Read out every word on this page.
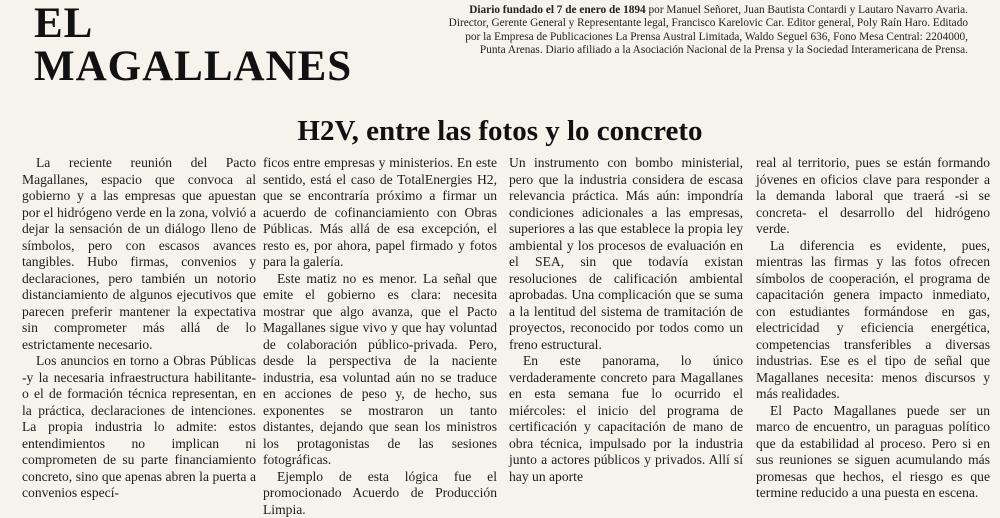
EL
MAGALLANES
Diario fundado el 7 de enero de 1894 por Manuel Señoret, Juan Bautista Contardi y Lautaro Navarro Avaria. Director, Gerente General y Representante legal, Francisco Karelovic Car. Editor general, Poly Raín Haro. Editado por la Empresa de Publicaciones La Prensa Austral Limitada, Waldo Seguel 636, Fono Mesa Central: 2204000, Punta Arenas. Diario afiliado a la Asociación Nacional de la Prensa y la Sociedad Interamericana de Prensa.
H2V, entre las fotos y lo concreto

La reciente reunión del Pacto Magallanes, espacio que convoca al gobierno y a las empresas que apuestan por el hidrógeno verde en la zona, volvió a dejar la sensación de un diálogo lleno de símbolos, pero con escasos avances tangibles. Hubo firmas, convenios y declaraciones, pero también un notorio distanciamiento de algunos ejecutivos que parecen preferir mantener la expectativa sin comprometer más allá de lo estrictamente necesario.

Los anuncios en torno a Obras Públicas -y la necesaria infraestructura habilitante- o el de formación técnica representan, en la práctica, declaraciones de intenciones. La propia industria lo admite: estos entendimientos no implican ni comprometen de su parte financiamiento concreto, sino que apenas abren la puerta a convenios especí-

ficos entre empresas y ministerios. En este sentido, está el caso de TotalEnergies H2, que se encontraría próximo a firmar un acuerdo de cofinanciamiento con Obras Públicas. Más allá de esa excepción, el resto es, por ahora, papel firmado y fotos para la galería.

Este matiz no es menor. La señal que emite el gobierno es clara: necesita mostrar que algo avanza, que el Pacto Magallanes sigue vivo y que hay voluntad de colaboración público-privada. Pero, desde la perspectiva de la naciente industria, esa voluntad aún no se traduce en acciones de peso y, de hecho, sus exponentes se mostraron un tanto distantes, dejando que sean los ministros los protagonistas de las sesiones fotográficas.

Ejemplo de esta lógica fue el promocionado Acuerdo de Producción Limpia.

Un instrumento con bombo ministerial, pero que la industria considera de escasa relevancia práctica. Más aún: impondría condiciones adicionales a las empresas, superiores a las que establece la propia ley ambiental y los procesos de evaluación en el SEA, sin que todavía existan resoluciones de calificación ambiental aprobadas. Una complicación que se suma a la lentitud del sistema de tramitación de proyectos, reconocido por todos como un freno estructural.

En este panorama, lo único verdaderamente concreto para Magallanes en esta semana fue lo ocurrido el miércoles: el inicio del programa de certificación y capacitación de mano de obra técnica, impulsado por la industria junto a actores públicos y privados. Allí sí hay un aporte

real al territorio, pues se están formando jóvenes en oficios clave para responder a la demanda laboral que traerá -si se concreta- el desarrollo del hidrógeno verde.

La diferencia es evidente, pues, mientras las firmas y las fotos ofrecen símbolos de cooperación, el programa de capacitación genera impacto inmediato, con estudiantes formándose en gas, electricidad y eficiencia energética, competencias transferibles a diversas industrias. Ese es el tipo de señal que Magallanes necesita: menos discursos y más realidades.

El Pacto Magallanes puede ser un marco de encuentro, un paraguas político que da estabilidad al proceso. Pero si en sus reuniones se siguen acumulando más promesas que hechos, el riesgo es que termine reducido a una puesta en escena.
